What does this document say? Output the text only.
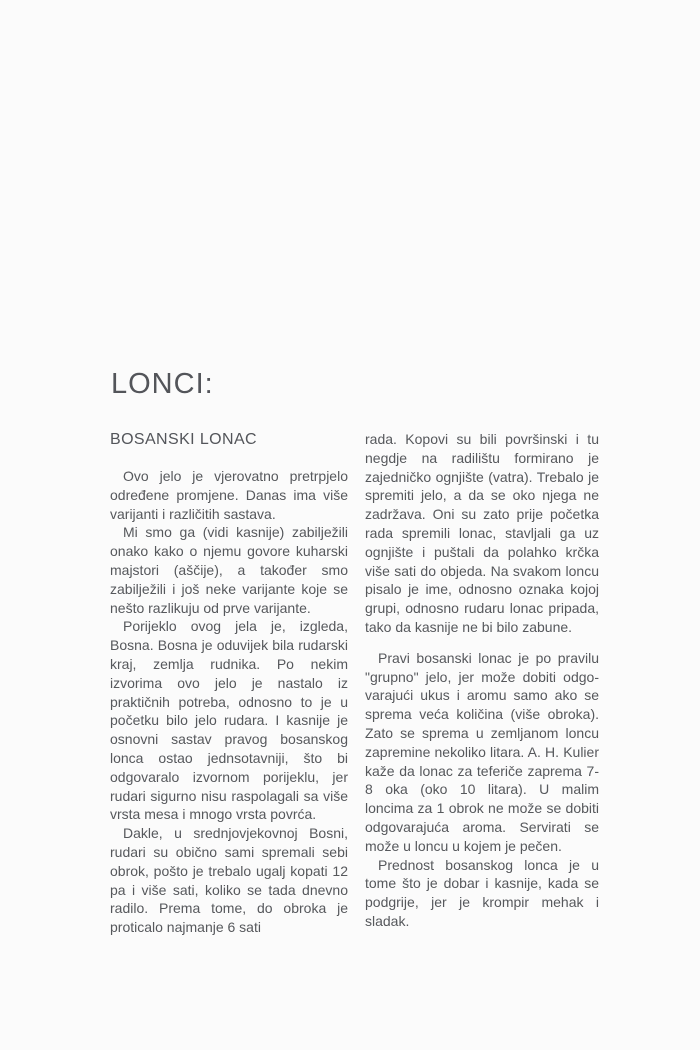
LONCI:
BOSANSKI LONAC

Ovo jelo je vjerovatno pretrpjelo određene promjene. Danas ima više varijanti i različitih sastava.

Mi smo ga (vidi kasnije) zabilježili onako kako o njemu govore kuharski majstori (aščije), a također smo zabilježili i još neke varijante koje se nešto razlikuju od prve varijante.

Porijeklo ovog jela je, izgleda, Bosna. Bosna je oduvijek bila rudarski kraj, zemlja rudnika. Po nekim izvorima ovo jelo je nastalo iz praktičnih potreba, odnosno to je u početku bilo jelo rudara. I kasnije je osnovni sastav pravog bosanskog lonca ostao jednsotavniji, što bi odgovaralo izvornom porijeklu, jer rudari sigurno nisu raspolagali sa više vrsta mesa i mnogo vrsta povrća.

Dakle, u srednjovjekovnoj Bosni, rudari su obično sami spremali sebi obrok, pošto je trebalo ugalj kopati 12 pa i više sati, koliko se tada dnevno radilo. Prema tome, do obroka je proticalo najmanje 6 sati

rada. Kopovi su bili površinski i tu negdje na radilištu formirano je zajedničko ognjište (vatra). Trebalo je spremiti jelo, a da se oko njega ne zadržava. Oni su zato prije početka rada spremili lonac, stavljali ga uz ognjište i puštali da polahko krčka više sati do objeda. Na svakom loncu pisalo je ime, odnosno oznaka kojoj grupi, odnosno rudaru lonac pripada, tako da kasnije ne bi bilo zabune.

Pravi bosanski lonac je po pravilu "grupno" jelo, jer može dobiti odgovarajući ukus i aromu samo ako se sprema veća količina (više obroka). Zato se sprema u zemljanom loncu zapremine nekoliko litara. A. H. Kulier kaže da lonac za teferiče zaprema 7-8 oka (oko 10 litara). U malim loncima za 1 obrok ne može se dobiti odgovarajuća aroma. Servirati se može u loncu u kojem je pečen.

Prednost bosanskog lonca je u tome što je dobar i kasnije, kada se podgrije, jer je krompir mehak i sladak.
